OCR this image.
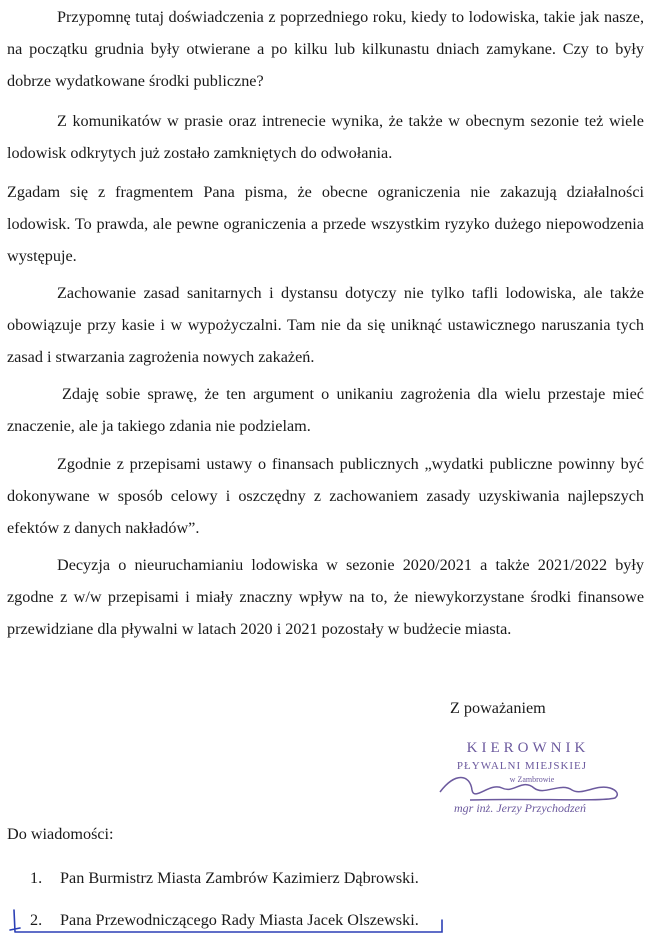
Przypomnę tutaj doświadczenia z poprzedniego roku, kiedy to lodowiska, takie jak nasze, na początku grudnia były otwierane a po kilku lub kilkunastu dniach zamykane. Czy to były dobrze wydatkowane środki publiczne?

Z komunikatów w prasie oraz intrenecie wynika, że także w obecnym sezonie też wiele lodowisk odkrytych już zostało zamkniętych do odwołania.

Zgadam się z fragmentem Pana pisma, że obecne ograniczenia nie zakazują działalności lodowisk. To prawda, ale pewne ograniczenia a przede wszystkim ryzyko dużego niepowodzenia występuje.

Zachowanie zasad sanitarnych i dystansu dotyczy nie tylko tafli lodowiska, ale także obowiązuje przy kasie i w wypożyczalni. Tam nie da się uniknąć ustawicznego naruszania tych zasad i stwarzania zagrożenia nowych zakażeń.

Zdaję sobie sprawę, że ten argument o unikaniu zagrożenia dla wielu przestaje mieć znaczenie, ale ja takiego zdania nie podzielam.

Zgodnie z przepisami ustawy o finansach publicznych „wydatki publiczne powinny być dokonywane w sposób celowy i oszczędny z zachowaniem zasady uzyskiwania najlepszych efektów z danych nakładów”.

Decyzja o nieuruchamianiu lodowiska w sezonie 2020/2021 a także 2021/2022 były zgodne z w/w przepisami i miały znaczny wpływ na to, że niewykorzystane środki finansowe przewidziane dla pływalni w latach 2020 i 2021 pozostały w budżecie miasta.

Z poważaniem

KIEROWNIK
PŁYWALNI MIEJSKIEJ
w Zambrowie
mgr inż. Jerzy Przychodzeń

Do wiadomości:

1. Pan Burmistrz Miasta Zambrów Kazimierz Dąbrowski.
2. Pana Przewodniczącego Rady Miasta Jacek Olszewski.
